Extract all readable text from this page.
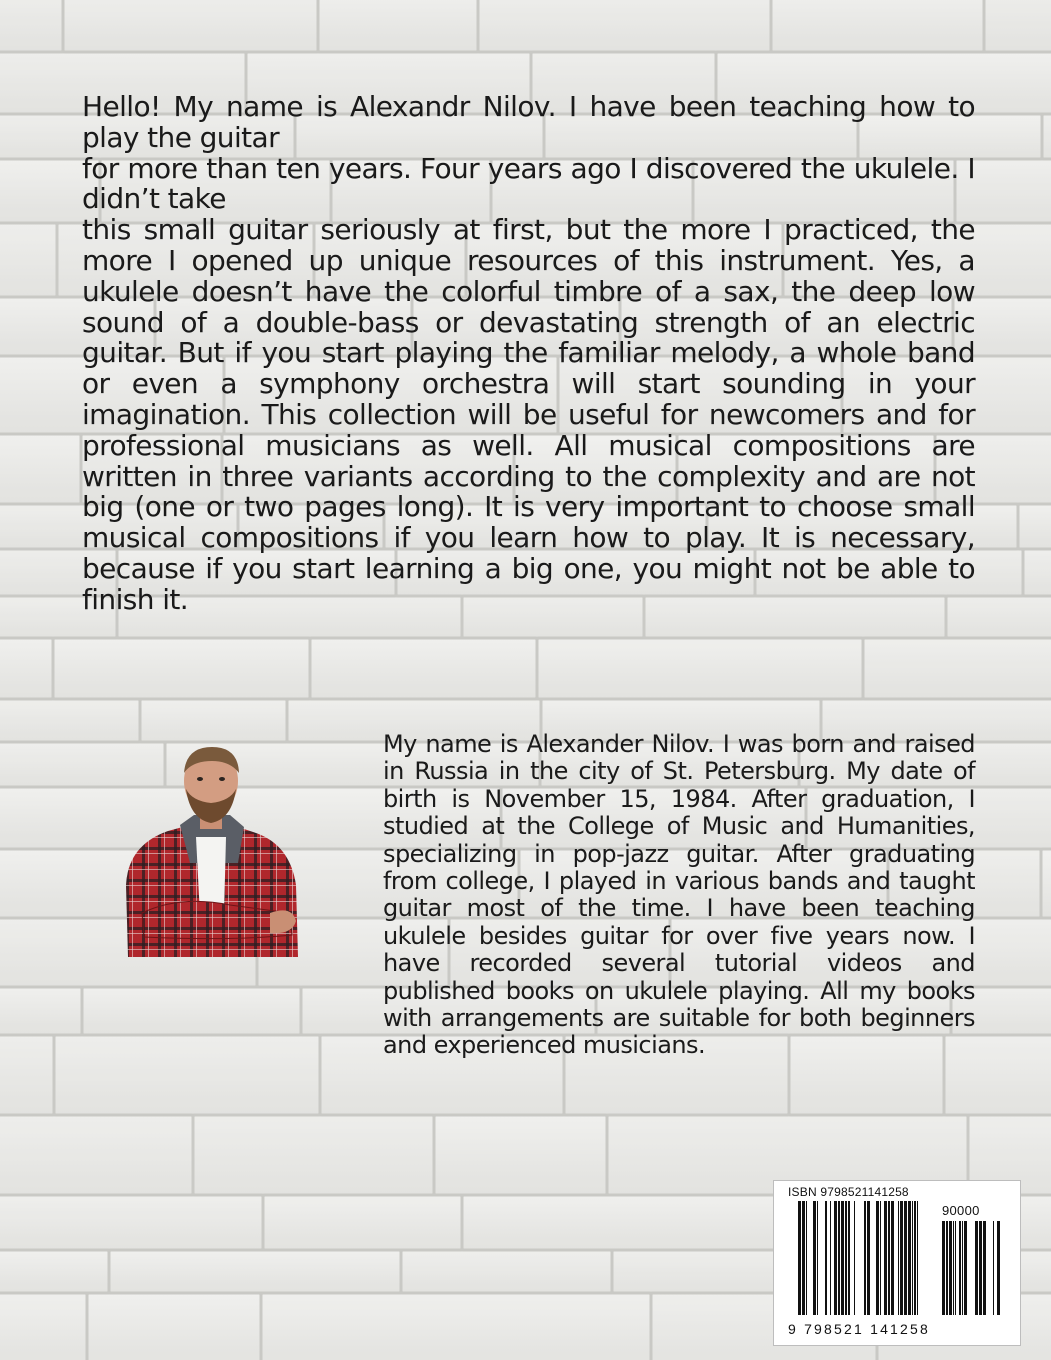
Hello! My name is Alexandr Nilov. I have been teaching how to play the guitar
for more than ten years. Four years ago I discovered the ukulele. I didn’t take
this small guitar seriously at first, but the more I practiced, the more I opened up unique resources of this instrument. Yes, a ukulele doesn’t have the colorful timbre of a sax, the deep low sound of a double-bass or devastating strength of an electric guitar. But if you start playing the familiar melody, a whole band or even a symphony orchestra will start sounding in your imagination. This collection will be useful for newcomers and for professional musicians as well. All musical compositions are written in three variants according to the complexity and are not big (one or two pages long). It is very important to choose small musical compositions if you learn how to play. It is necessary, because if you start learning a big one, you might not be able to finish it.
My name is Alexander Nilov. I was born and raised in Russia in the city of St. Petersburg. My date of birth is November 15, 1984. After graduation, I studied at the College of Music and Humanities, specializing in pop-jazz guitar. After graduating from college, I played in various bands and taught guitar most of the time. I have been teaching ukulele besides guitar for over five years now. I have recorded several tutorial videos and published books on ukulele playing. All my books with arrangements are suitable for both beginners and experienced musicians.
ISBN 9798521141258
90000
9 798521 141258
